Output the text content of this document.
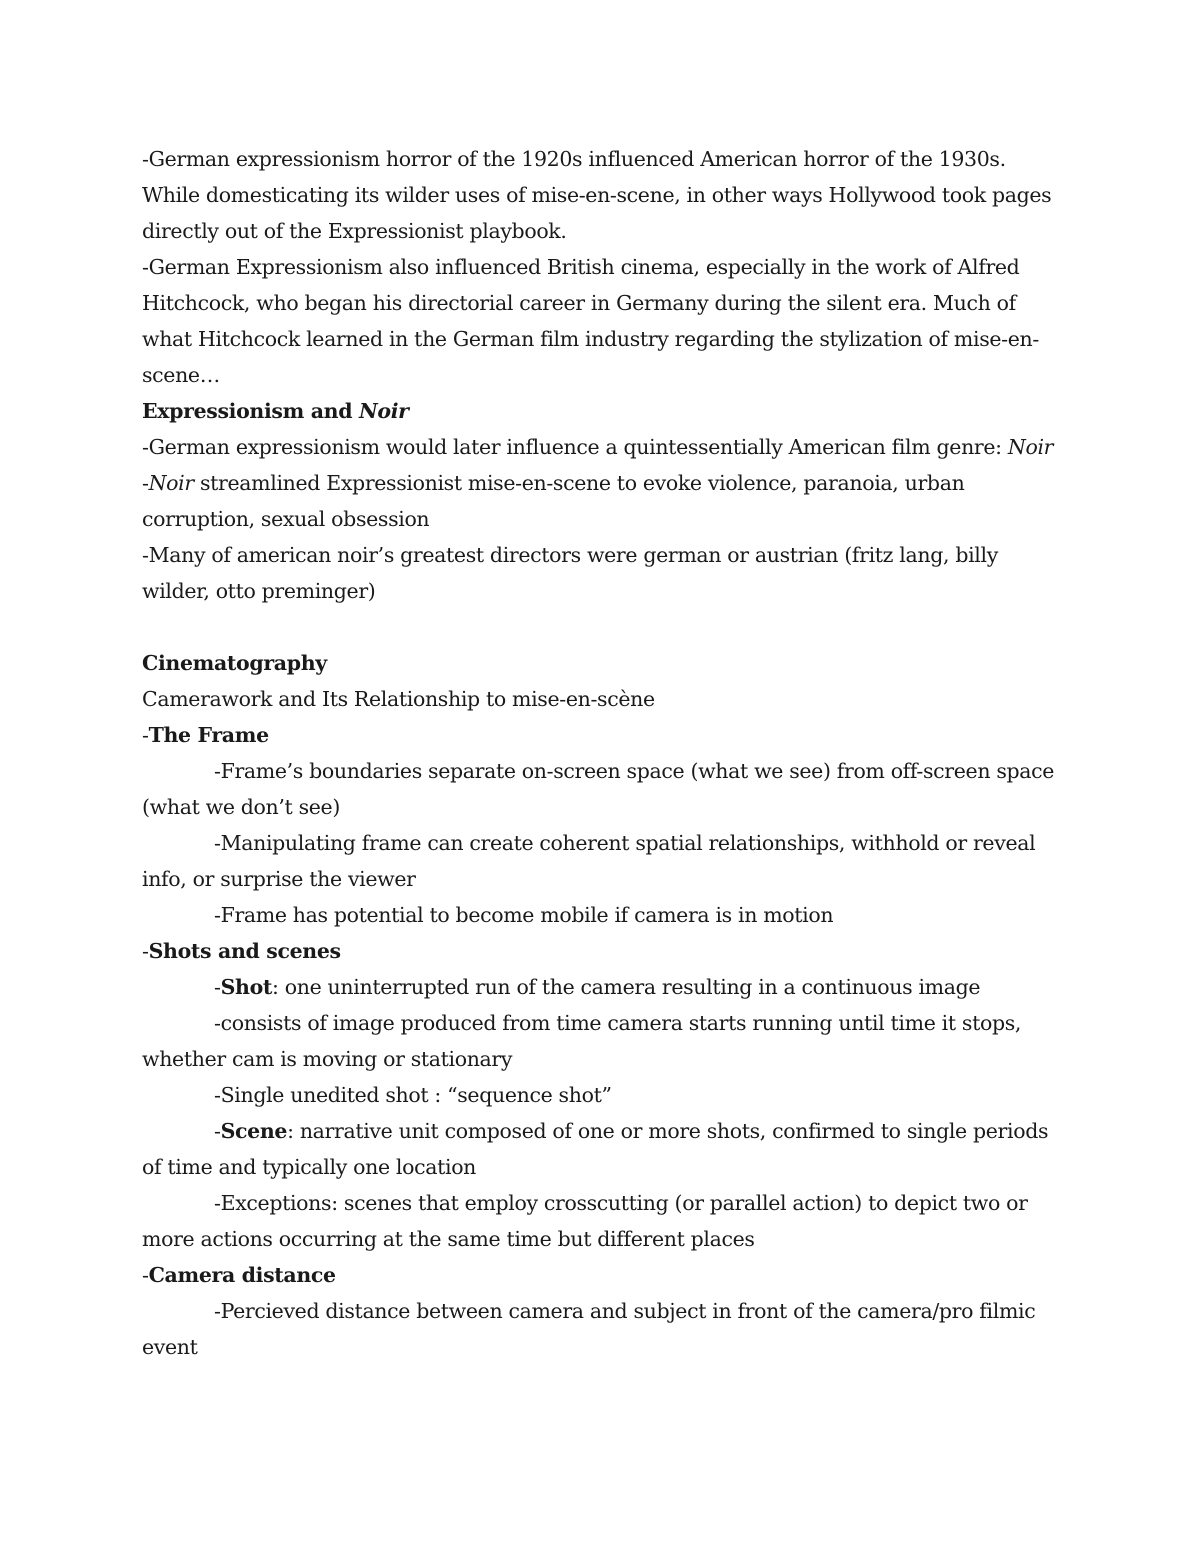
-German expressionism horror of the 1920s influenced American horror of the 1930s. While domesticating its wilder uses of mise-en-scene, in other ways Hollywood took pages directly out of the Expressionist playbook.

-German Expressionism also influenced British cinema, especially in the work of Alfred Hitchcock, who began his directorial career in Germany during the silent era. Much of what Hitchcock learned in the German film industry regarding the stylization of mise-en-scene…

Expressionism and Noir

-German expressionism would later influence a quintessentially American film genre: Noir

-Noir streamlined Expressionist mise-en-scene to evoke violence, paranoia, urban corruption, sexual obsession

-Many of american noir’s greatest directors were german or austrian (fritz lang, billy wilder, otto preminger)

Cinematography

Camerawork and Its Relationship to mise-en-scène

-The Frame

-Frame’s boundaries separate on-screen space (what we see) from off-screen space (what we don’t see)

-Manipulating frame can create coherent spatial relationships, withhold or reveal info, or surprise the viewer

-Frame has potential to become mobile if camera is in motion

-Shots and scenes

-Shot: one uninterrupted run of the camera resulting in a continuous image

-consists of image produced from time camera starts running until time it stops, whether cam is moving or stationary

-Single unedited shot : “sequence shot”

-Scene: narrative unit composed of one or more shots, confirmed to single periods of time and typically one location

-Exceptions: scenes that employ crosscutting (or parallel action) to depict two or more actions occurring at the same time but different places

-Camera distance

-Percieved distance between camera and subject in front of the camera/pro filmic event
